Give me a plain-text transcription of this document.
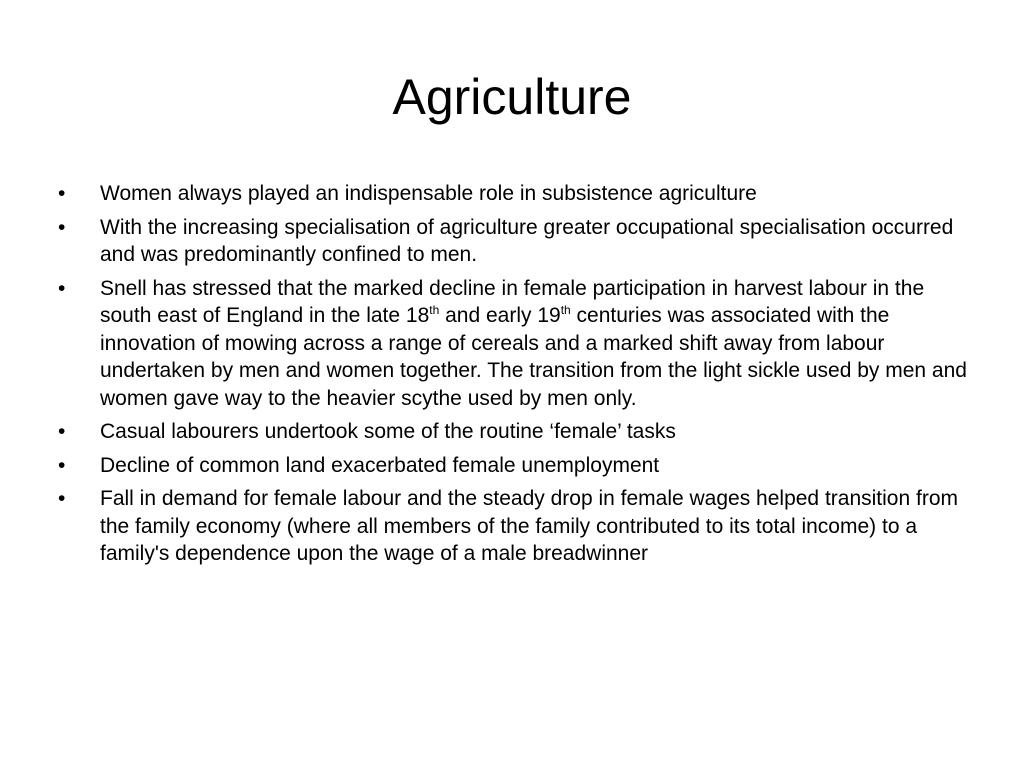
Agriculture
•	Women always played an indispensable role in subsistence agriculture
•	With the increasing specialisation of agriculture greater occupational specialisation occurred and was predominantly confined to men.
•	Snell has stressed that the marked decline in female participation in harvest labour in the south east of England in the late 18th and early 19th centuries was associated with the innovation of mowing across a range of cereals and a marked shift away from labour undertaken by men and women together. The transition from the light sickle used by men and women gave way to the heavier scythe used by men only.
•	Casual labourers undertook some of the routine ‘female’ tasks
•	Decline of common land exacerbated female unemployment
•	Fall in demand for female labour and the steady drop in female wages helped transition from the family economy (where all members of the family contributed to its total income) to a family's dependence upon the wage of a male breadwinner
